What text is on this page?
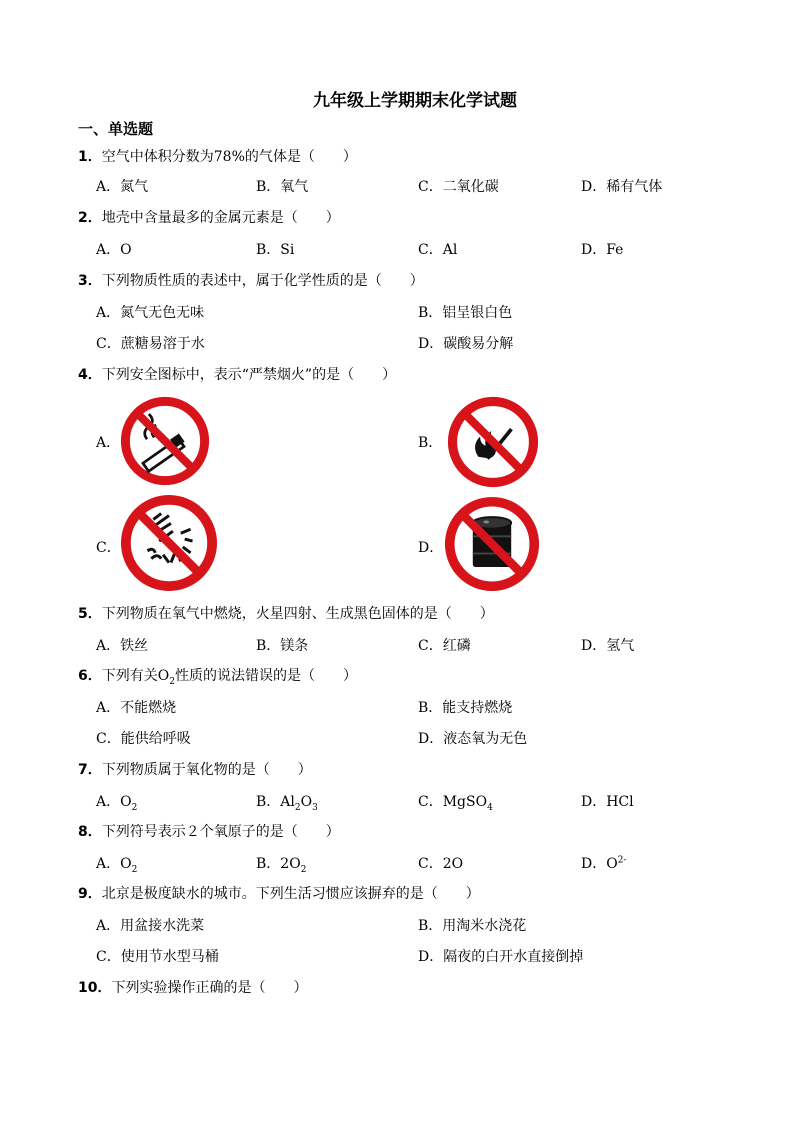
九年级上学期期末化学试题
一、单选题
1．空气中体积分数为78%的气体是（　　）
A．氮气	B．氧气	C．二氧化碳	D．稀有气体
2．地壳中含量最多的金属元素是（　　）
A．O	B．Si	C．Al	D．Fe
3．下列物质性质的表述中，属于化学性质的是（　　）
A．氮气无色无味	B．铝呈银白色
C．蔗糖易溶于水	D．碳酸易分解
4．下列安全图标中，表示“严禁烟火”的是（　　）
A．	B．
C．	D．
5．下列物质在氧气中燃烧，火星四射、生成黑色固体的是（　　）
A．铁丝	B．镁条	C．红磷	D．氢气
6．下列有关$O_2$性质的说法错误的是（　　）
A．不能燃烧	B．能支持燃烧
C．能供给呼吸	D．液态氧为无色
7．下列物质属于氧化物的是（　　）
A．$O_2$	B．$Al_2O_3$	C．MgSO$_4$	D．HCl
8．下列符号表示２个氧原子的是（　　）
A．$O_2$	B．$2O_2$	C．2O	D．$O^{2-}$
9．北京是极度缺水的城市。下列生活习惯应该摒弃的是（　　）
A．用盆接水洗菜	B．用淘米水浇花
C．使用节水型马桶	D．隔夜的白开水直接倒掉
10．下列实验操作正确的是（　　）
